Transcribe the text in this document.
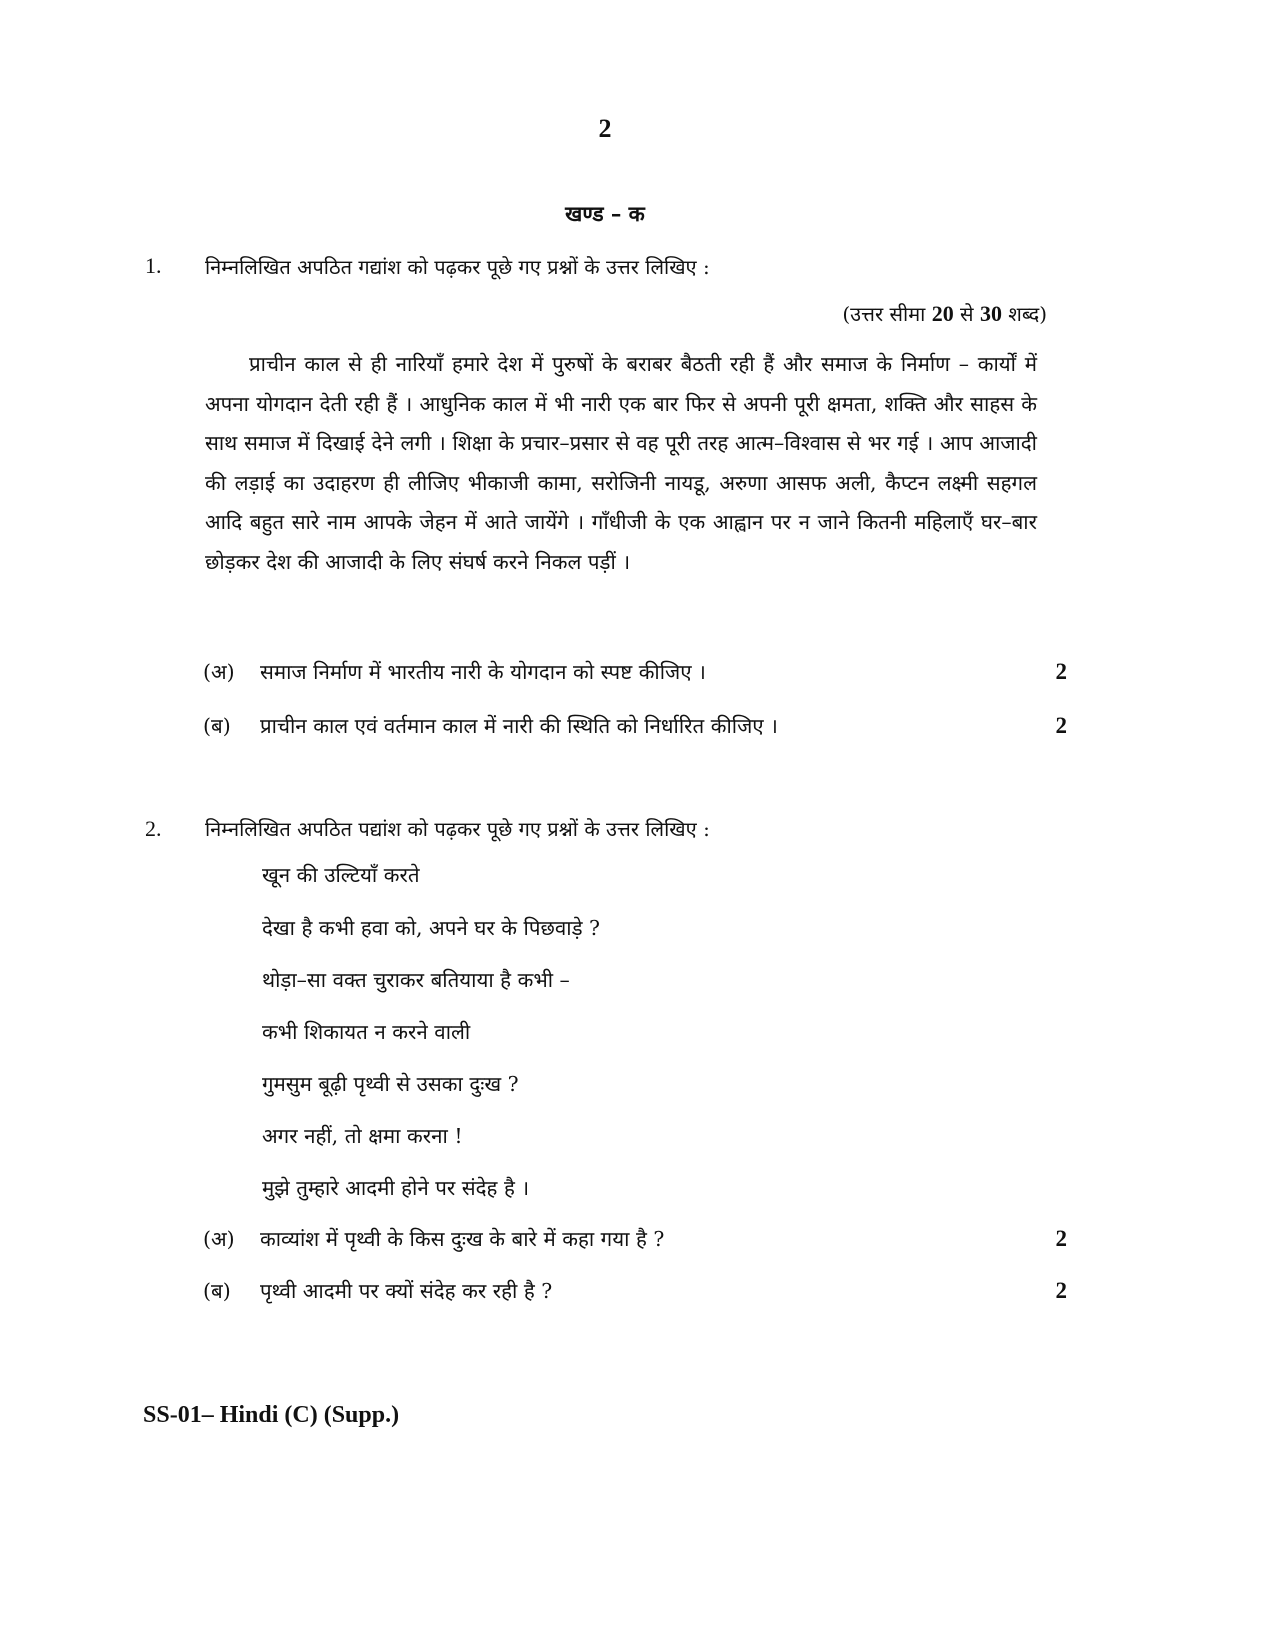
2
खण्ड – क
1. निम्नलिखित अपठित गद्यांश को पढ़कर पूछे गए प्रश्नों के उत्तर लिखिए :
(उत्तर सीमा 20 से 30 शब्द)
प्राचीन काल से ही नारियाँ हमारे देश में पुरुषों के बराबर बैठती रही हैं और समाज के निर्माण – कार्यों में अपना योगदान देती रही हैं । आधुनिक काल में भी नारी एक बार फिर से अपनी पूरी क्षमता, शक्ति और साहस के साथ समाज में दिखाई देने लगी । शिक्षा के प्रचार–प्रसार से वह पूरी तरह आत्म–विश्वास से भर गई । आप आजादी की लड़ाई का उदाहरण ही लीजिए भीकाजी कामा, सरोजिनी नायडू, अरुणा आसफ अली, कैप्टन लक्ष्मी सहगल आदि बहुत सारे नाम आपके जेहन में आते जायेंगे । गाँधीजी के एक आह्वान पर न जाने कितनी महिलाएँ घर–बार छोड़कर देश की आजादी के लिए संघर्ष करने निकल पड़ीं ।
(अ)	समाज निर्माण में भारतीय नारी के योगदान को स्पष्ट कीजिए ।	2
(ब)	प्राचीन काल एवं वर्तमान काल में नारी की स्थिति को निर्धारित कीजिए ।	2
2. निम्नलिखित अपठित पद्यांश को पढ़कर पूछे गए प्रश्नों के उत्तर लिखिए :
खून की उल्टियाँ करते
देखा है कभी हवा को, अपने घर के पिछवाड़े ?
थोड़ा–सा वक्त चुराकर बतियाया है कभी –
कभी शिकायत न करने वाली
गुमसुम बूढ़ी पृथ्वी से उसका दुःख ?
अगर नहीं, तो क्षमा करना !
मुझे तुम्हारे आदमी होने पर संदेह है ।
(अ)	काव्यांश में पृथ्वी के किस दुःख के बारे में कहा गया है ?	2
(ब)	पृथ्वी आदमी पर क्यों संदेह कर रही है ?	2
SS-01– Hindi (C) (Supp.)
